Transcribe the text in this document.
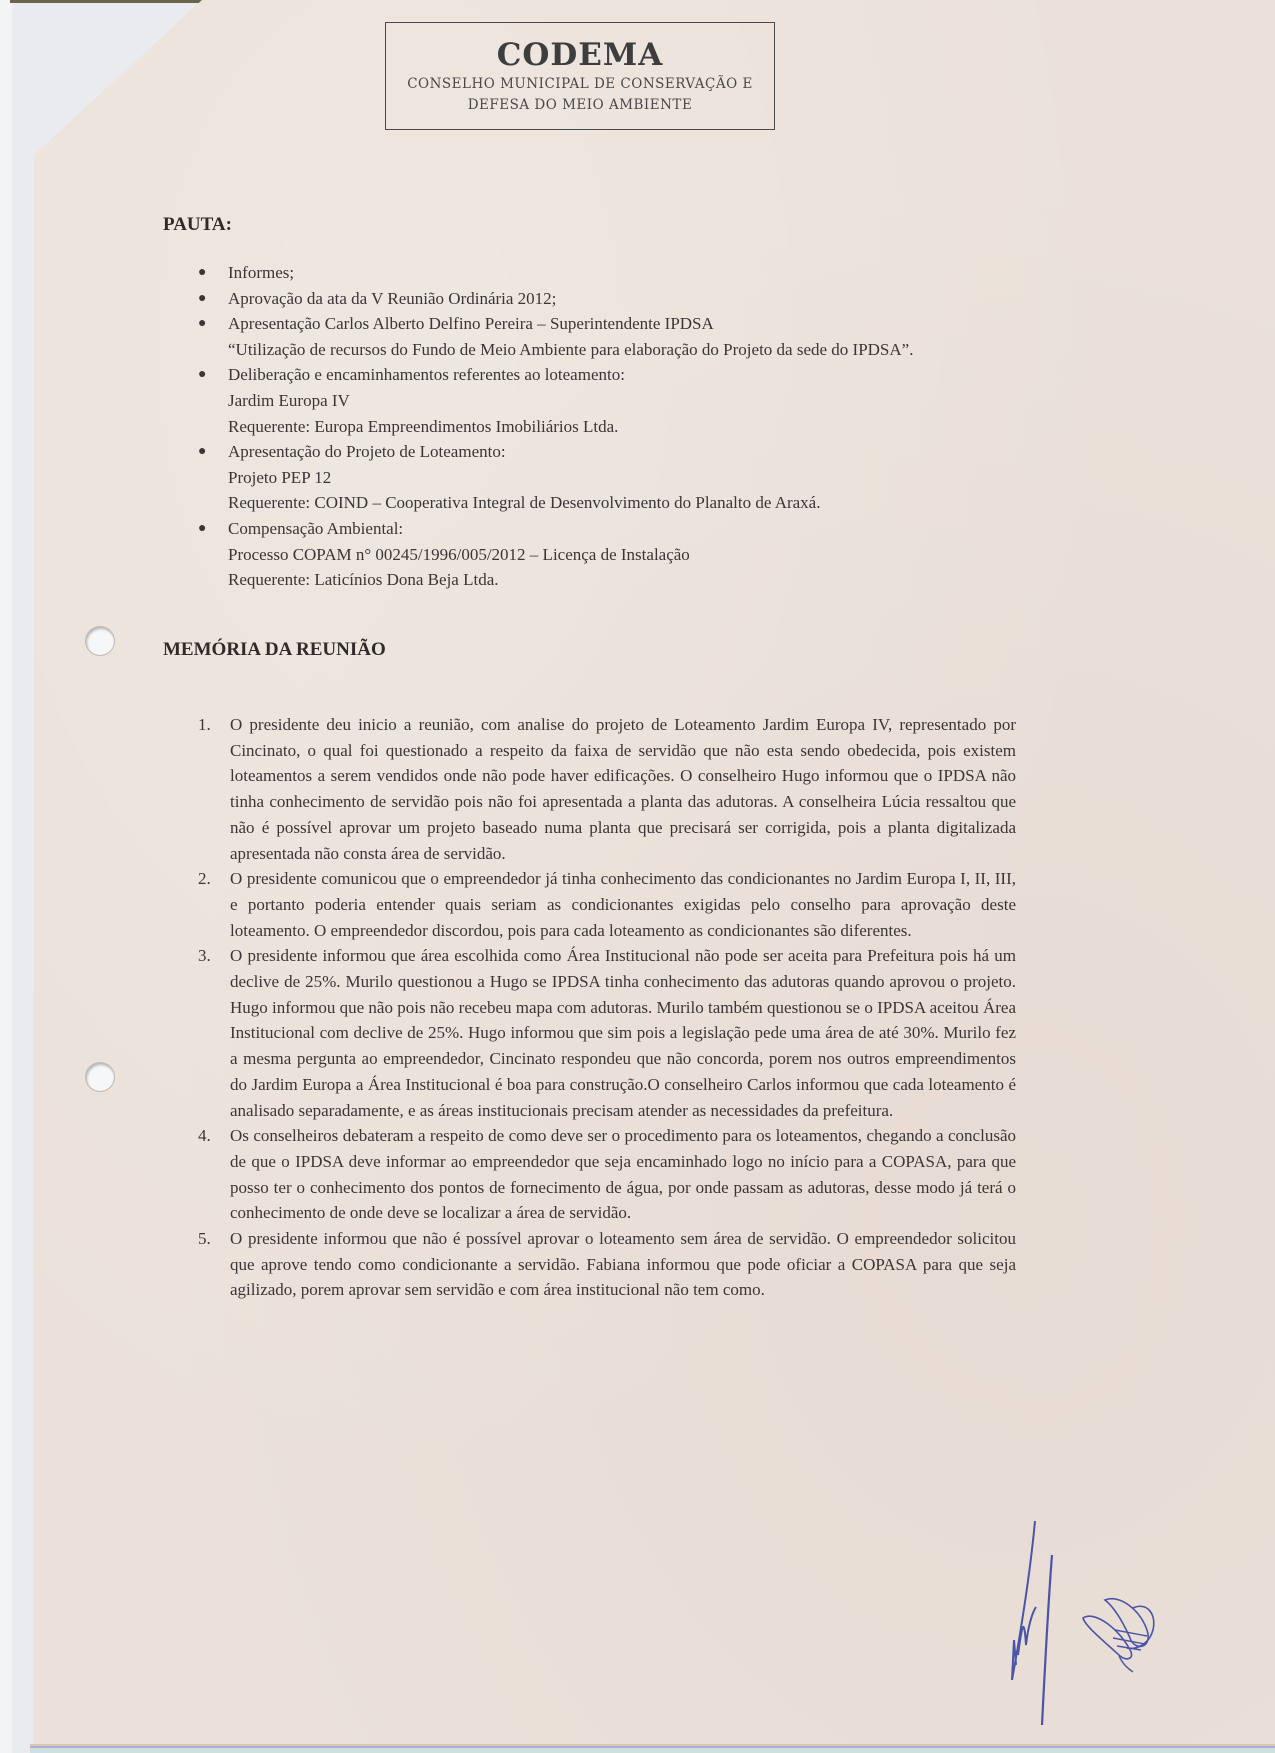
CODEMA
CONSELHO MUNICIPAL DE CONSERVAÇÃO E
DEFESA DO MEIO AMBIENTE
PAUTA:
● Informes;
● Aprovação da ata da V Reunião Ordinária 2012;
● Apresentação Carlos Alberto Delfino Pereira – Superintendente IPDSA
“Utilização de recursos do Fundo de Meio Ambiente para elaboração do Projeto da sede do IPDSA”.
● Deliberação e encaminhamentos referentes ao loteamento:
Jardim Europa IV
Requerente: Europa Empreendimentos Imobiliários Ltda.
● Apresentação do Projeto de Loteamento:
Projeto PEP 12
Requerente: COIND – Cooperativa Integral de Desenvolvimento do Planalto de Araxá.
● Compensação Ambiental:
Processo COPAM n° 00245/1996/005/2012 – Licença de Instalação
Requerente: Laticínios Dona Beja Ltda.
MEMÓRIA DA REUNIÃO
1. O presidente deu inicio a reunião, com analise do projeto de Loteamento Jardim Europa IV, representado por Cincinato, o qual foi questionado a respeito da faixa de servidão que não esta sendo obedecida, pois existem loteamentos a serem vendidos onde não pode haver edificações. O conselheiro Hugo informou que o IPDSA não tinha conhecimento de servidão pois não foi apresentada a planta das adutoras. A conselheira Lúcia ressaltou que não é possível aprovar um projeto baseado numa planta que precisará ser corrigida, pois a planta digitalizada apresentada não consta área de servidão.
2. O presidente comunicou que o empreendedor já tinha conhecimento das condicionantes no Jardim Europa I, II, III, e portanto poderia entender quais seriam as condicionantes exigidas pelo conselho para aprovação deste loteamento. O empreendedor discordou, pois para cada loteamento as condicionantes são diferentes.
3. O presidente informou que área escolhida como Área Institucional não pode ser aceita para Prefeitura pois há um declive de 25%. Murilo questionou a Hugo se IPDSA tinha conhecimento das adutoras quando aprovou o projeto. Hugo informou que não pois não recebeu mapa com adutoras. Murilo também questionou se o IPDSA aceitou Área Institucional com declive de 25%. Hugo informou que sim pois a legislação pede uma área de até 30%. Murilo fez a mesma pergunta ao empreendedor, Cincinato respondeu que não concorda, porem nos outros empreendimentos do Jardim Europa a Área Institucional é boa para construção.O conselheiro Carlos informou que cada loteamento é analisado separadamente, e as áreas institucionais precisam atender as necessidades da prefeitura.
4. Os conselheiros debateram a respeito de como deve ser o procedimento para os loteamentos, chegando a conclusão de que o IPDSA deve informar ao empreendedor que seja encaminhado logo no início para a COPASA, para que posso ter o conhecimento dos pontos de fornecimento de água, por onde passam as adutoras, desse modo já terá o conhecimento de onde deve se localizar a área de servidão.
5. O presidente informou que não é possível aprovar o loteamento sem área de servidão. O empreendedor solicitou que aprove tendo como condicionante a servidão. Fabiana informou que pode oficiar a COPASA para que seja agilizado, porem aprovar sem servidão e com área institucional não tem como.
